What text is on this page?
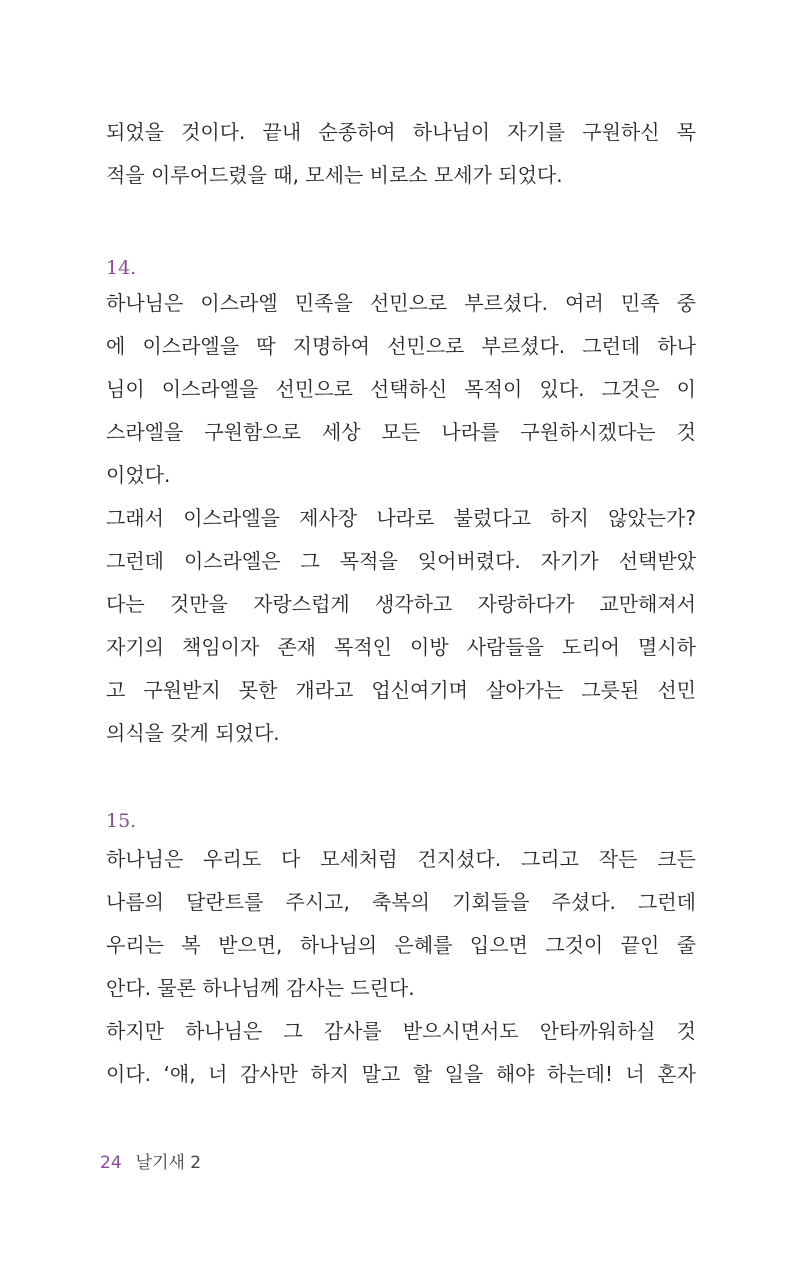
되었을 것이다. 끝내 순종하여 하나님이 자기를 구원하신 목
적을 이루어드렸을 때, 모세는 비로소 모세가 되었다.
14.
하나님은 이스라엘 민족을 선민으로 부르셨다. 여러 민족 중
에 이스라엘을 딱 지명하여 선민으로 부르셨다. 그런데 하나
님이 이스라엘을 선민으로 선택하신 목적이 있다. 그것은 이
스라엘을 구원함으로 세상 모든 나라를 구원하시겠다는 것
이었다.
그래서 이스라엘을 제사장 나라로 불렀다고 하지 않았는가?
그런데 이스라엘은 그 목적을 잊어버렸다. 자기가 선택받았
다는 것만을 자랑스럽게 생각하고 자랑하다가 교만해져서
자기의 책임이자 존재 목적인 이방 사람들을 도리어 멸시하
고 구원받지 못한 개라고 업신여기며 살아가는 그릇된 선민
의식을 갖게 되었다.
15.
하나님은 우리도 다 모세처럼 건지셨다. 그리고 작든 크든
나름의 달란트를 주시고, 축복의 기회들을 주셨다. 그런데
우리는 복 받으면, 하나님의 은혜를 입으면 그것이 끝인 줄
안다. 물론 하나님께 감사는 드린다.
하지만 하나님은 그 감사를 받으시면서도 안타까워하실 것
이다. ‘얘, 너 감사만 하지 말고 할 일을 해야 하는데! 너 혼자
24 날기새 2
